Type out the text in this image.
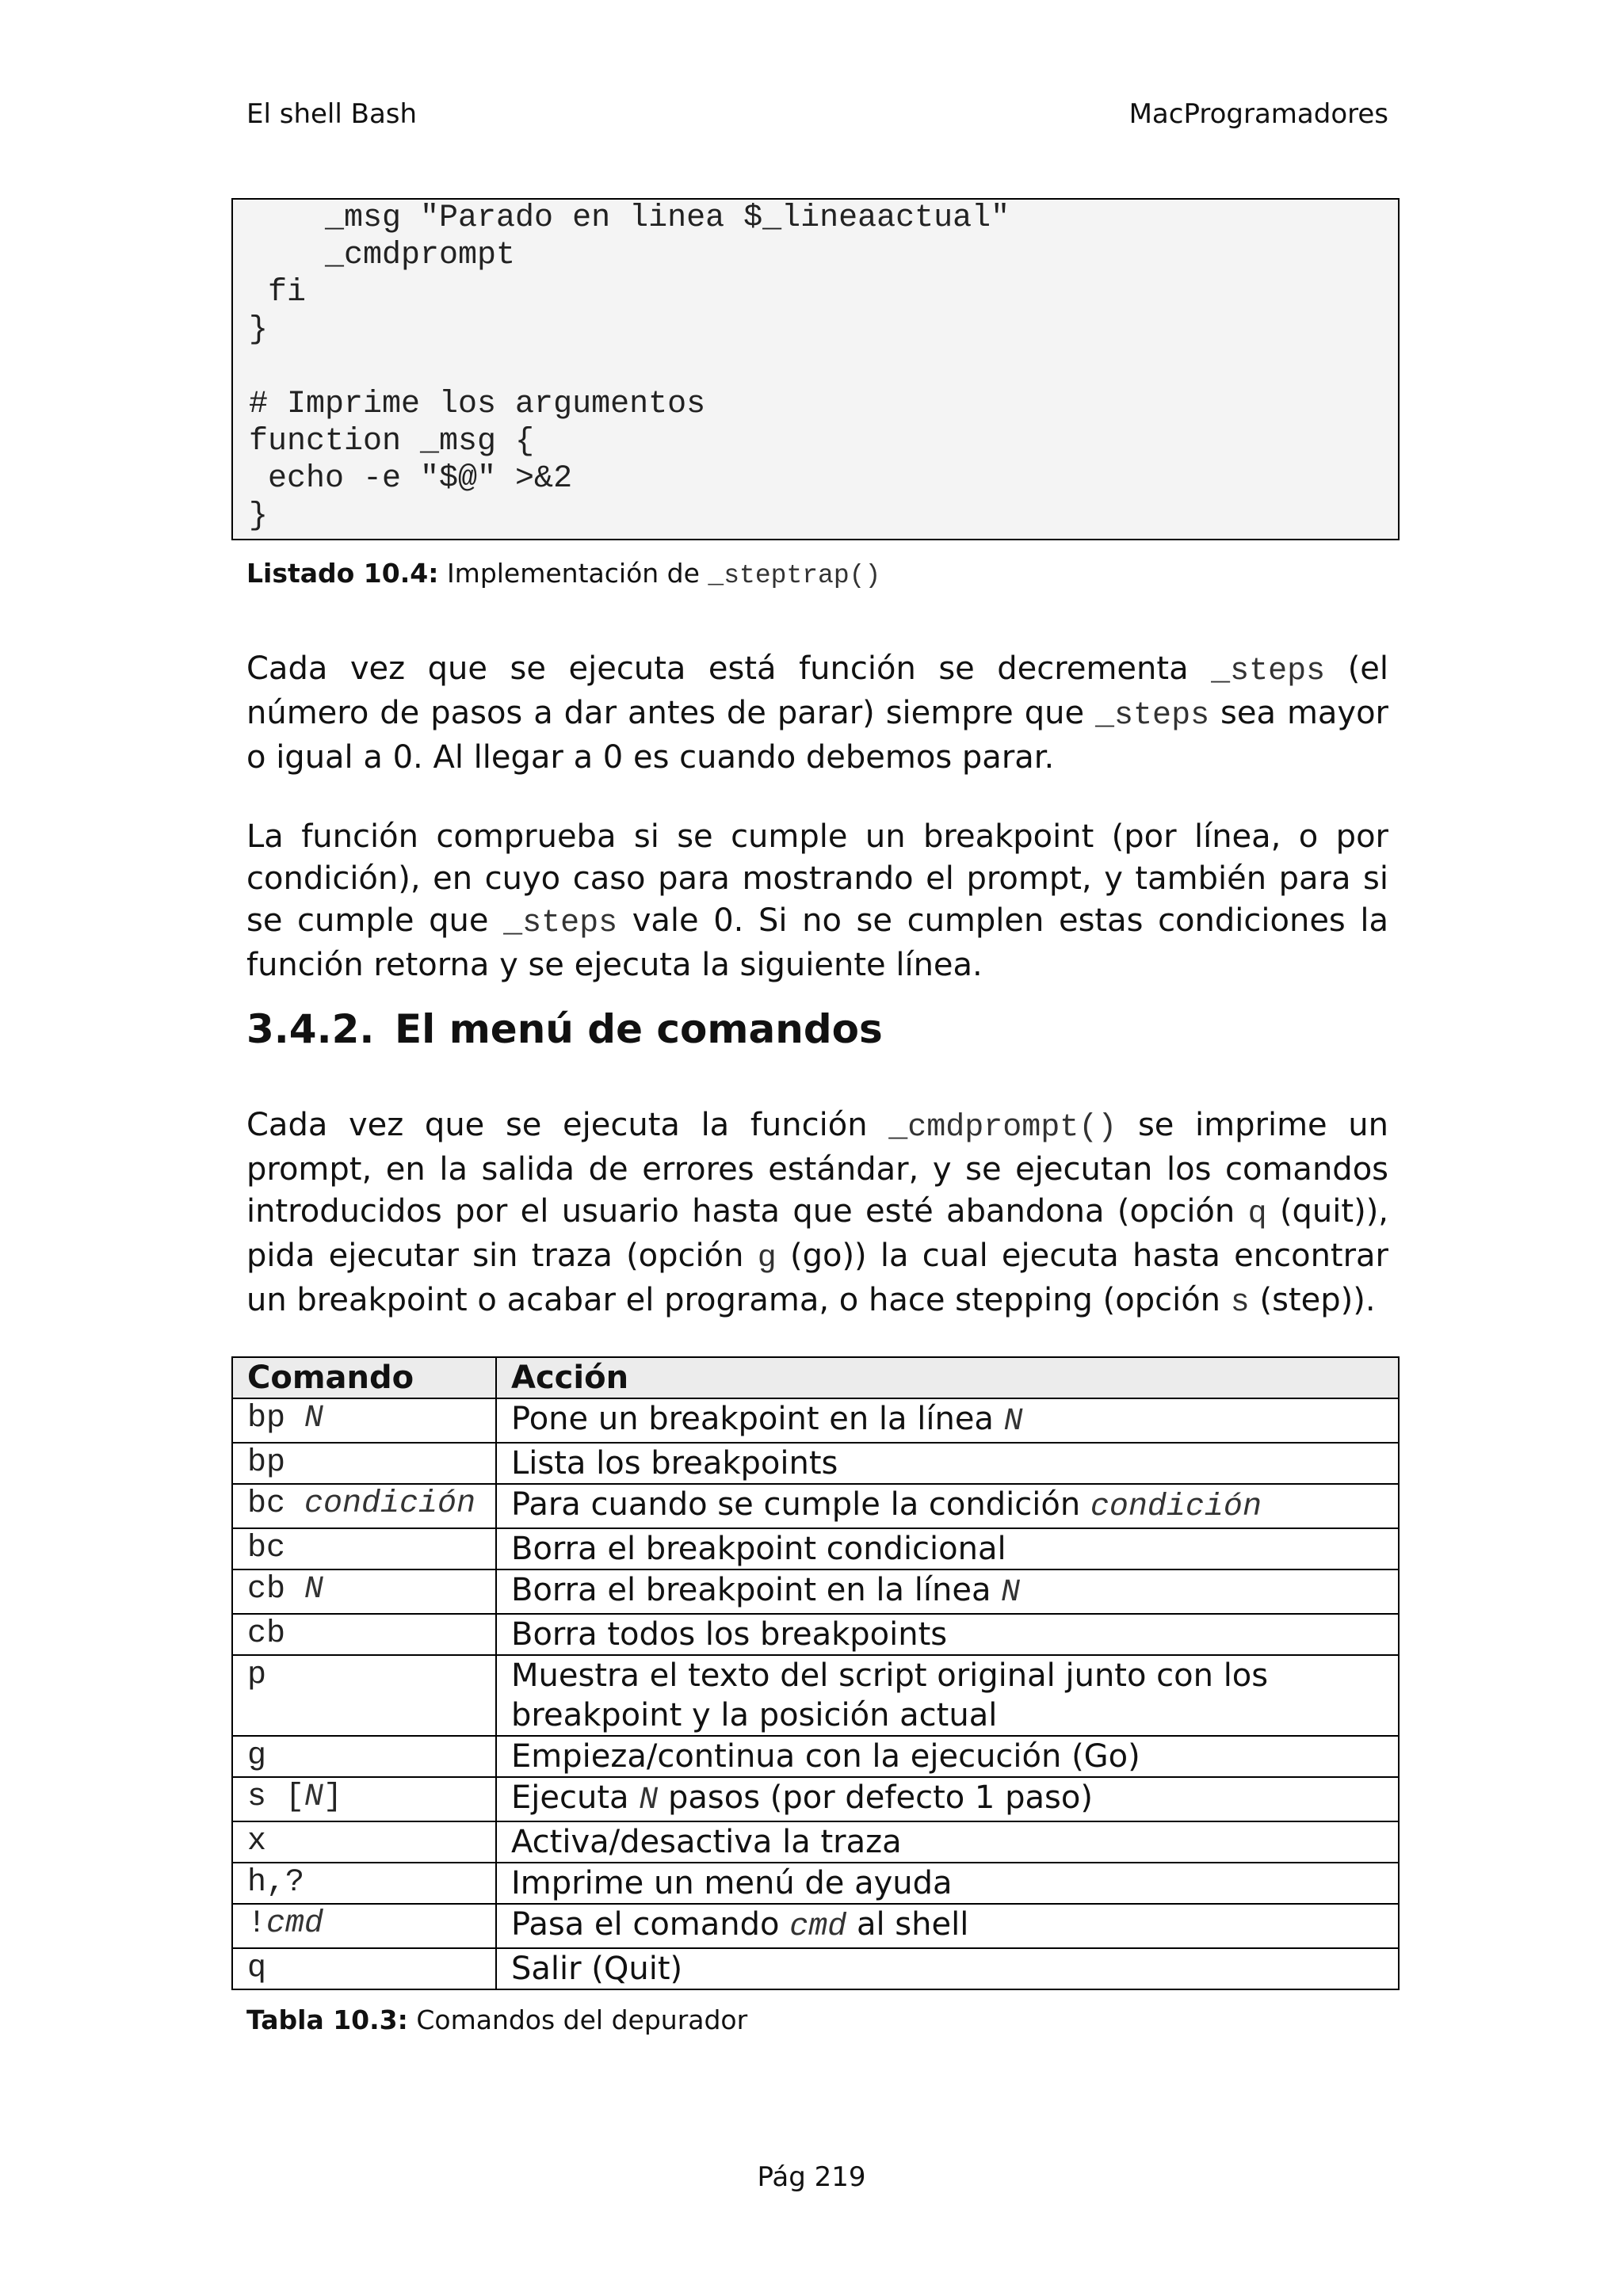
El shell Bash	MacProgramadores
_msg "Parado en linea $_lineaactual"
_cmdprompt
fi
}
# Imprime los argumentos
function _msg {
echo -e "$@" >&2
}
Listado 10.4: Implementación de _steptrap()
Cada vez que se ejecuta está función se decrementa _steps (el número de pasos a dar antes de parar) siempre que _steps sea mayor o igual a 0. Al llegar a 0 es cuando debemos parar.
La función comprueba si se cumple un breakpoint (por línea, o por condición), en cuyo caso para mostrando el prompt, y también para si se cumple que _steps vale 0. Si no se cumplen estas condiciones la función retorna y se ejecuta la siguiente línea.
3.4.2. El menú de comandos
Cada vez que se ejecuta la función _cmdprompt() se imprime un prompt, en la salida de errores estándar, y se ejecutan los comandos introducidos por el usuario hasta que esté abandona (opción q (quit)), pida ejecutar sin traza (opción g (go)) la cual ejecuta hasta encontrar un breakpoint o acabar el programa, o hace stepping (opción s (step)).
Comando	Acción
bp N	Pone un breakpoint en la línea N
bp	Lista los breakpoints
bc condición	Para cuando se cumple la condición condición
bc	Borra el breakpoint condicional
cb N	Borra el breakpoint en la línea N
cb	Borra todos los breakpoints
p	Muestra el texto del script original junto con los breakpoint y la posición actual
g	Empieza/continua con la ejecución (Go)
s [N]	Ejecuta N pasos (por defecto 1 paso)
x	Activa/desactiva la traza
h,?	Imprime un menú de ayuda
!cmd	Pasa el comando cmd al shell
q	Salir (Quit)
Tabla 10.3: Comandos del depurador
Pág 219
